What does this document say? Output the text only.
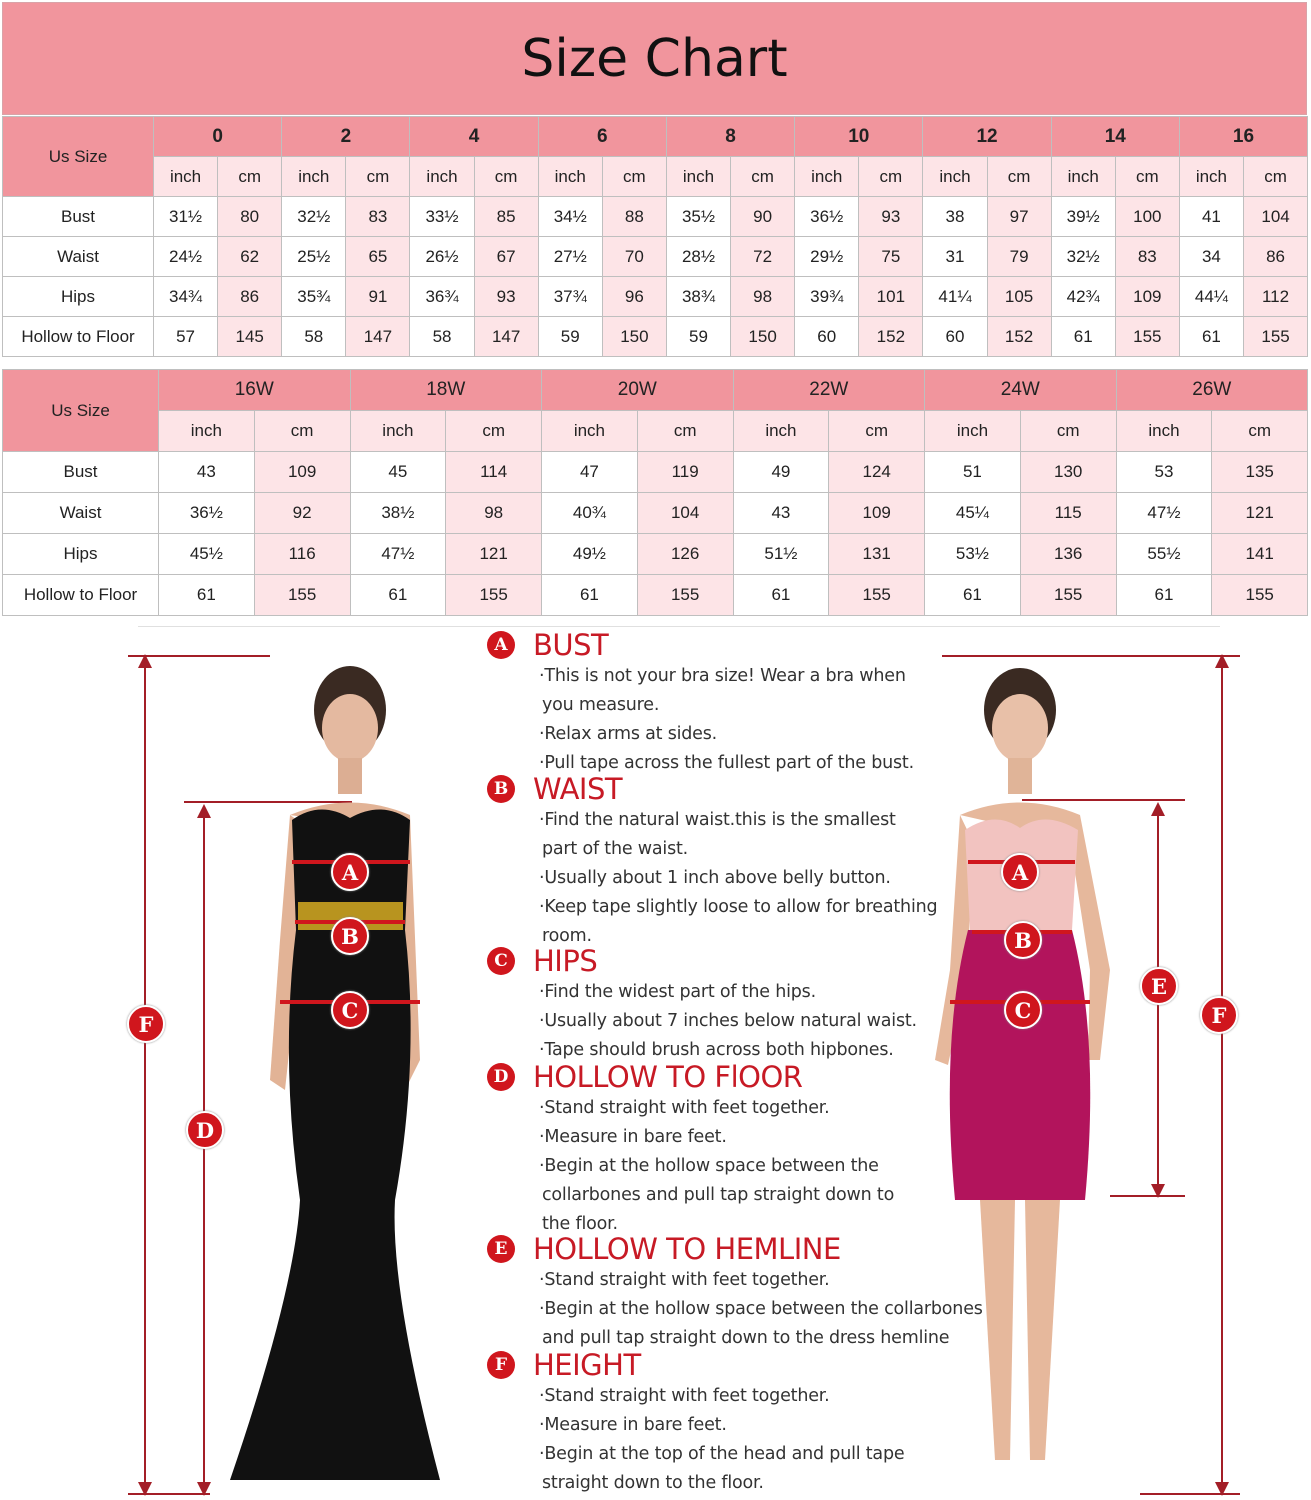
Size Chart
Us Size	0		2		4		6		8		10		12		14		16	
	inch	cm	inch	cm	inch	cm	inch	cm	inch	cm	inch	cm	inch	cm	inch	cm	inch	cm
Bust	31½	80	32½	83	33½	85	34½	88	35½	90	36½	93	38	97	39½	100	41	104
Waist	24½	62	25½	65	26½	67	27½	70	28½	72	29½	75	31	79	32½	83	34	86
Hips	34¾	86	35¾	91	36¾	93	37¾	96	38¾	98	39¾	101	41¼	105	42¾	109	44¼	112
Hollow to Floor	57	145	58	147	58	147	59	150	59	150	60	152	60	152	61	155	61	155
Us Size	16W		18W		20W		22W		24W		26W	
	inch	cm	inch	cm	inch	cm	inch	cm	inch	cm	inch	cm
Bust	43	109	45	114	47	119	49	124	51	130	53	135
Waist	36½	92	38½	98	40¾	104	43	109	45¼	115	47½	121
Hips	45½	116	47½	121	49½	126	51½	131	53½	136	55½	141
Hollow to Floor	61	155	61	155	61	155	61	155	61	155	61	155
A
B
C
D
F
A
B
C
E
F
A BUST
·This is not your bra size! Wear a bra when
you measure.
·Relax arms at sides.
·Pull tape across the fullest part of the bust.
B WAIST
·Find the natural waist.this is the smallest
part of the waist.
·Usually about 1 inch above belly button.
·Keep tape slightly loose to allow for breathing
room.
C HIPS
·Find the widest part of the hips.
·Usually about 7 inches below natural waist.
·Tape should brush across both hipbones.
D HOLLOW TO FlOOR
·Stand straight with feet together.
·Measure in bare feet.
·Begin at the hollow space between the
collarbones and pull tap straight down to
the floor.
E HOLLOW TO HEMLINE
·Stand straight with feet together.
·Begin at the hollow space between the collarbones
and pull tap straight down to the dress hemline
F HEIGHT
·Stand straight with feet together.
·Measure in bare feet.
·Begin at the top of the head and pull tape
straight down to the floor.
